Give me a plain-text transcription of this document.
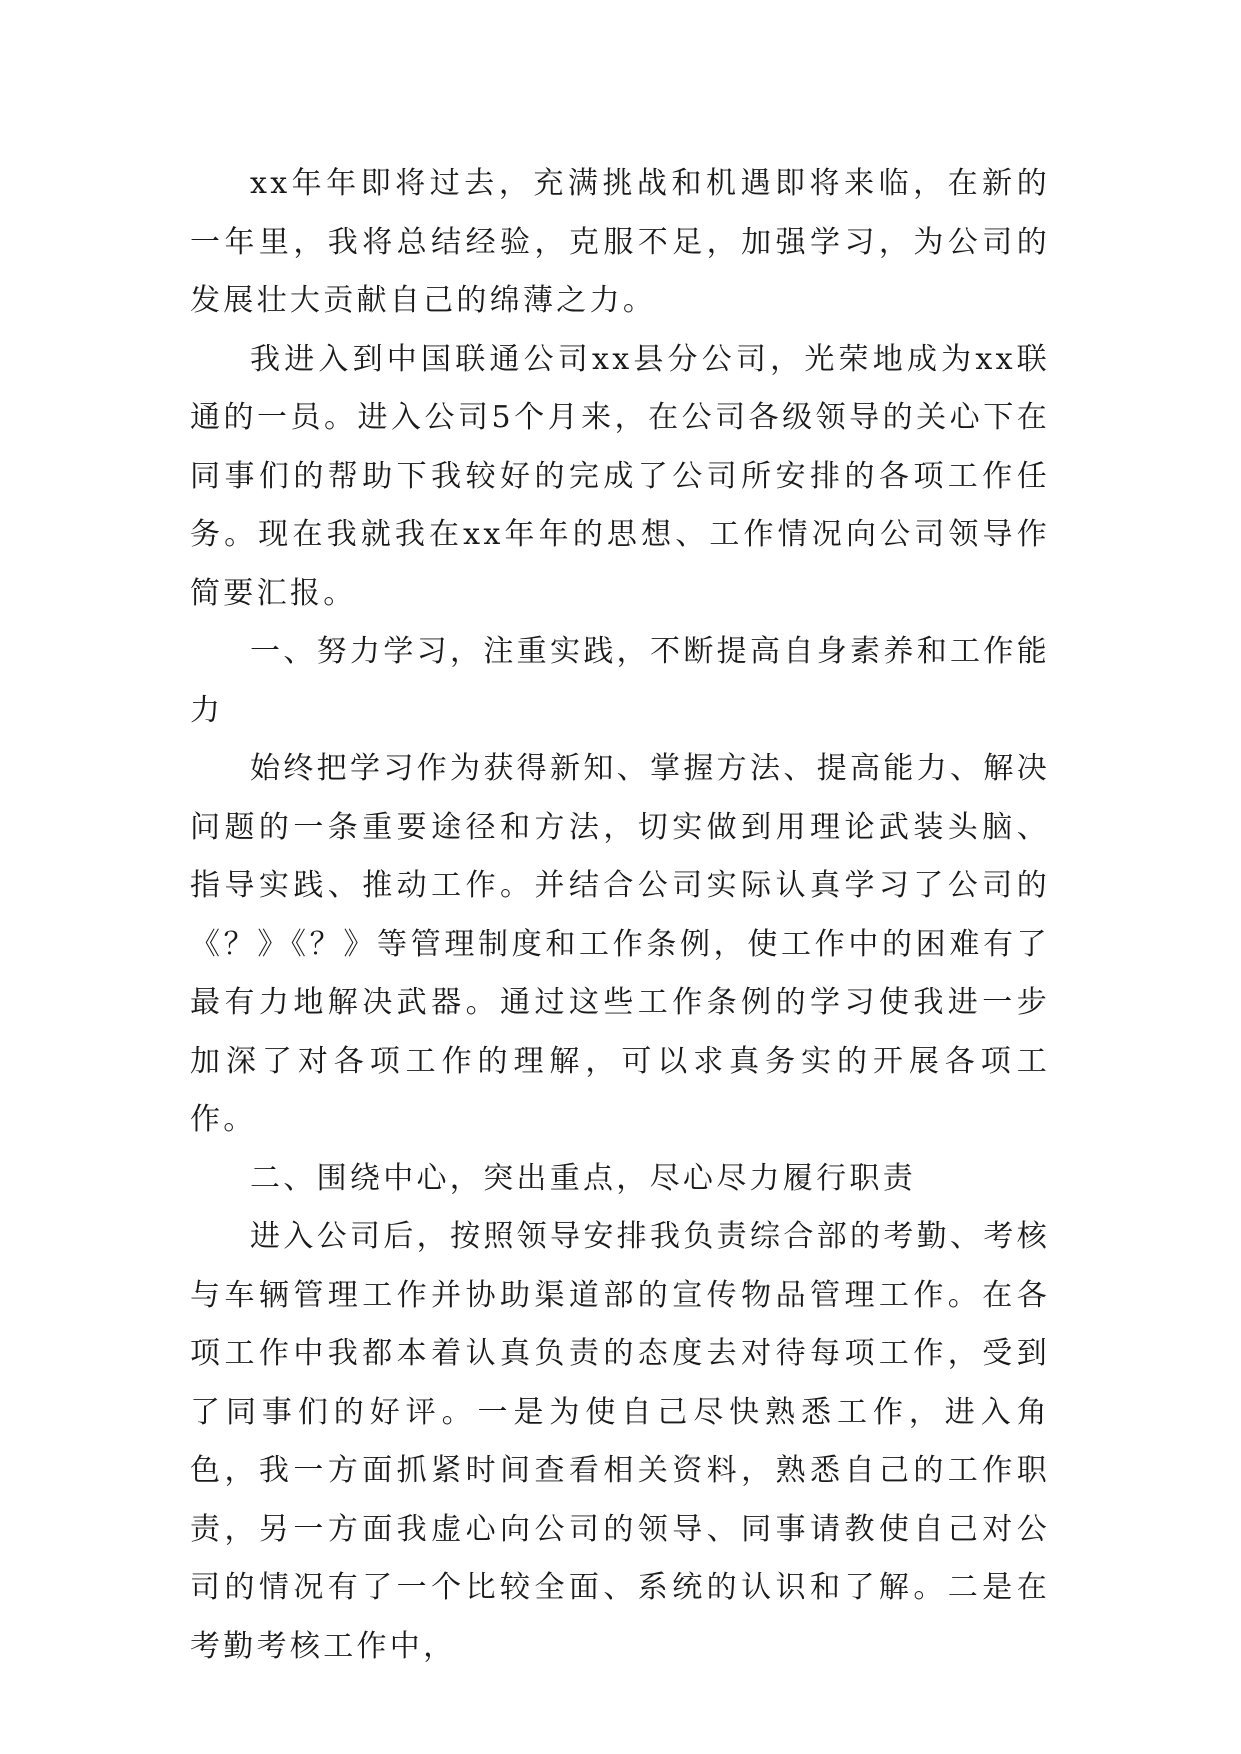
xx年年即将过去，充满挑战和机遇即将来临，在新的一年里，我将总结经验，克服不足，加强学习，为公司的发展壮大贡献自己的绵薄之力。

我进入到中国联通公司xx县分公司，光荣地成为xx联通的一员。进入公司5个月来，在公司各级领导的关心下在同事们的帮助下我较好的完成了公司所安排的各项工作任务。现在我就我在xx年年的思想、工作情况向公司领导作简要汇报。

一、努力学习，注重实践，不断提高自身素养和工作能力

始终把学习作为获得新知、掌握方法、提高能力、解决问题的一条重要途径和方法，切实做到用理论武装头脑、指导实践、推动工作。并结合公司实际认真学习了公司的《？》《？》等管理制度和工作条例，使工作中的困难有了最有力地解决武器。通过这些工作条例的学习使我进一步加深了对各项工作的理解，可以求真务实的开展各项工作。

二、围绕中心，突出重点，尽心尽力履行职责

进入公司后，按照领导安排我负责综合部的考勤、考核与车辆管理工作并协助渠道部的宣传物品管理工作。在各项工作中我都本着认真负责的态度去对待每项工作，受到了同事们的好评。一是为使自己尽快熟悉工作，进入角色，我一方面抓紧时间查看相关资料，熟悉自己的工作职责，另一方面我虚心向公司的领导、同事请教使自己对公司的情况有了一个比较全面、系统的认识和了解。二是在考勤考核工作中，
